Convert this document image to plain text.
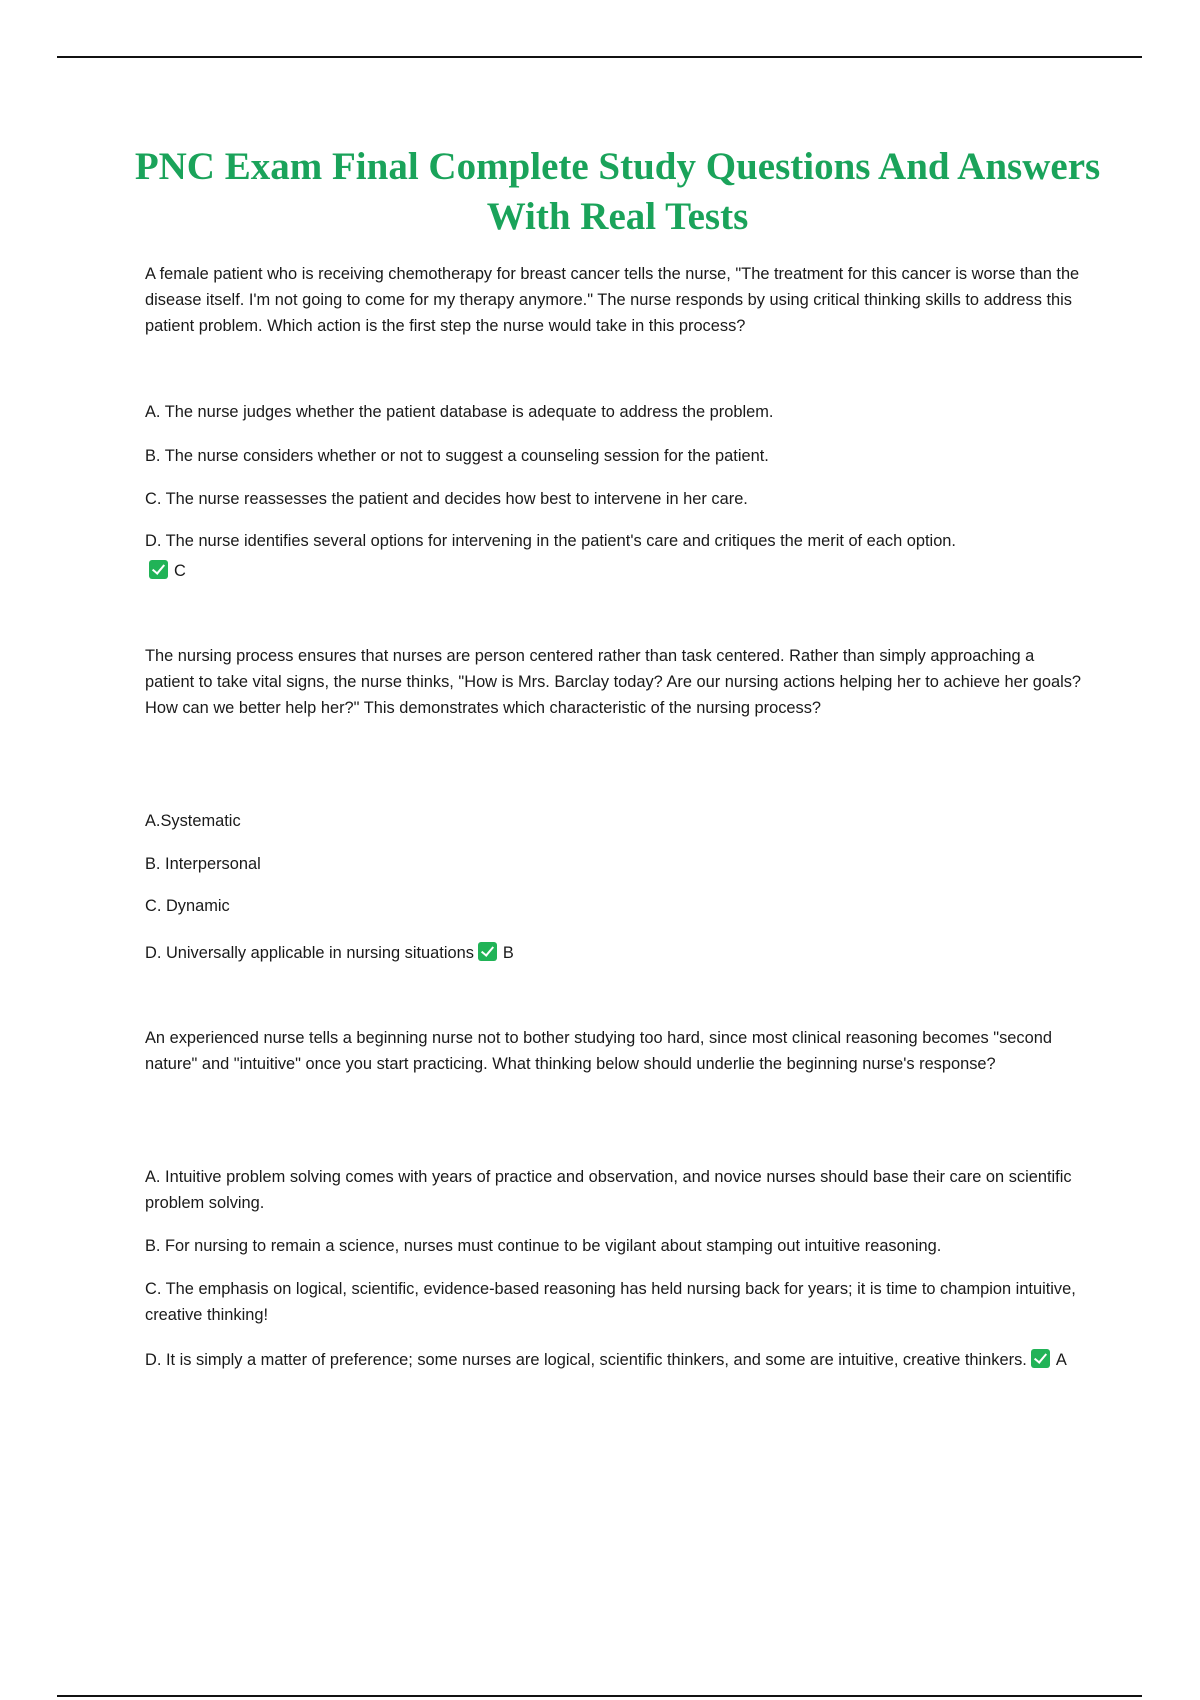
PNC Exam Final Complete Study Questions And Answers With Real Tests

A female patient who is receiving chemotherapy for breast cancer tells the nurse, "The treatment for this cancer is worse than the disease itself. I'm not going to come for my therapy anymore." The nurse responds by using critical thinking skills to address this patient problem. Which action is the first step the nurse would take in this process?

A. The nurse judges whether the patient database is adequate to address the problem.

B. The nurse considers whether or not to suggest a counseling session for the patient.

C. The nurse reassesses the patient and decides how best to intervene in her care.

D. The nurse identifies several options for intervening in the patient's care and critiques the merit of each option.

C

The nursing process ensures that nurses are person centered rather than task centered. Rather than simply approaching a patient to take vital signs, the nurse thinks, "How is Mrs. Barclay today? Are our nursing actions helping her to achieve her goals? How can we better help her?" This demonstrates which characteristic of the nursing process?

A.Systematic

B. Interpersonal

C. Dynamic

D. Universally applicable in nursing situations B

An experienced nurse tells a beginning nurse not to bother studying too hard, since most clinical reasoning becomes "second nature" and "intuitive" once you start practicing. What thinking below should underlie the beginning nurse's response?

A. Intuitive problem solving comes with years of practice and observation, and novice nurses should base their care on scientific problem solving.

B. For nursing to remain a science, nurses must continue to be vigilant about stamping out intuitive reasoning.

C. The emphasis on logical, scientific, evidence-based reasoning has held nursing back for years; it is time to champion intuitive, creative thinking!

D. It is simply a matter of preference; some nurses are logical, scientific thinkers, and some are intuitive, creative thinkers. A
